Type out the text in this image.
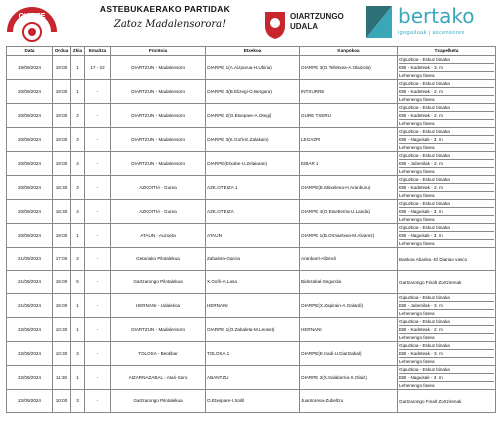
OIARPE
ASTEBUKAERAKO PARTIDAK
Zatoz Madalensorora!
OIARTZUNGO
UDALA	bertako
igogailuak | ascensores
Data	Ordua	Zkia	Emaitza	Frontoia	Etxekoa	Kanpokoa	Txapelketa
19/09/2024	18:00	1	17 - 22	OIARTZUN - Madalensoro	OIARPE 1(A.Aizpurua-H.Ubiria)	OIARPE 3(O.Telletxea-A.Olaizola)	Gipuzkoa - Eskuz binaka
EBI - Kadeteak - 3. m
Lehenengo fasea

20/09/2024	18:00	1	-	OIARTZUN - Madalensoro	OIARPE 3(B.Elizegi-O.Bergara)	INTXURRE	Gipuzkoa - Eskuz binaka
EBI - Kadeteak - 2. m
Lehenengo fasea

20/09/2024	18:00	2	-	OIARTZUN - Madalensoro	OIARPE 2(O.Etxepare-A.Otegi)	GURE TXERU	Gipuzkoa - Eskuz binaka
EBI - Kadeteak - 2. m
Lehenengo fasea

20/09/2024	18:00	3	-	OIARTZUN - Madalensoro	OIARPE 3(K.Goñi-E.Zalakain)	LEGAZPI	Gipuzkoa - Eskuz binaka
EBI - Naguisak - 3. m
Lehenengo fasea

20/09/2024	18:00	4	-	OIARTZUN - Madalensoro	OIARPE(Etxabe-U.Zelaiaran)	EIBAR 1	Gipuzkoa - Eskuz binaka
EBI - Jubenilak - 2. m
Lehenengo fasea

20/09/2024	18:30	3	-	AZKOITIA - Gurea	AZK.OTEIZA 1	OIARPE(E.Mitxelena-H.Aranburu)	Gipuzkoa - Eskuz binaka
EBI - Kadeteak - 2. m
Lehenengo fasea

20/09/2024	18:30	4	-	AZKOITIA - Gurea	AZK.OTEIZA	OIARPE 4(O.Etxeberria-U.Landa)	Gipuzkoa - Eskuz binaka
EBI - Naguisak - 3. m
Lehenengo fasea

20/09/2024	19:00	1	-	ATAUN - Auzoeta	ATAUN	OIARPE 1(B.Ormaetxea-M.Alvarez)	Gipuzkoa - Eskuz binaka
EBI - Naguisak - 3. m
Lehenengo fasea

21/09/2024	17:00	2	-	Getariako Pilotalekua	Zabaleta-Garcia	Aranbarri-Alberdi	Bankoa Abanka -El Diariao vasco

21/09/2024	16:00	5	-	Gartzarongo Pilotalekua	X.Goñi-A.Lasa	Bidezabal-Segurola	Gartzarongo Finalt Zortzirenak

21/09/2024	16:00	1	-	HERNANI - Udalekoa	HERNANI	OIARPE(X.Zapirain-A.Galardi)	Gipuzkoa - Eskuz binaka
EBI - Jubenilak - 3. m
Lehenengo fasea

22/09/2024	10:30	1	-	OIARTZUN - Madalensoro	OIARPE 1(O.Zabaleta-M.Leoset)	HERNANI	Gipuzkoa - Eskuz binaka
EBI - Kadeteak - 2. m
Lehenengo fasea

22/09/2024	10:30	3	-	TOLOSA - Beotibar	TOLOSA 1	OIARPE(E.Iradi-U.Diartzabal)	Gipuzkoa - Eskuz binaka
EBI - Kadeteak - 3. m
Lehenengo fasea

22/09/2024	11:30	1	-	AIZARNAZABAL - Atari-Soro	ABANTZU	OIARPE 2(X.Salaberria-X.Olaiz)	Gipuzkoa - Eskuz binaka
EBI - Naguisak - 3. m
Lehenengo fasea

22/09/2024	10:00	3	-	Gartzarongo Pilotalekua	O.Etxepare-I.Soitil	Juantorena-Zubeltzu	Gartzarongo Finalt Zortzirenak
